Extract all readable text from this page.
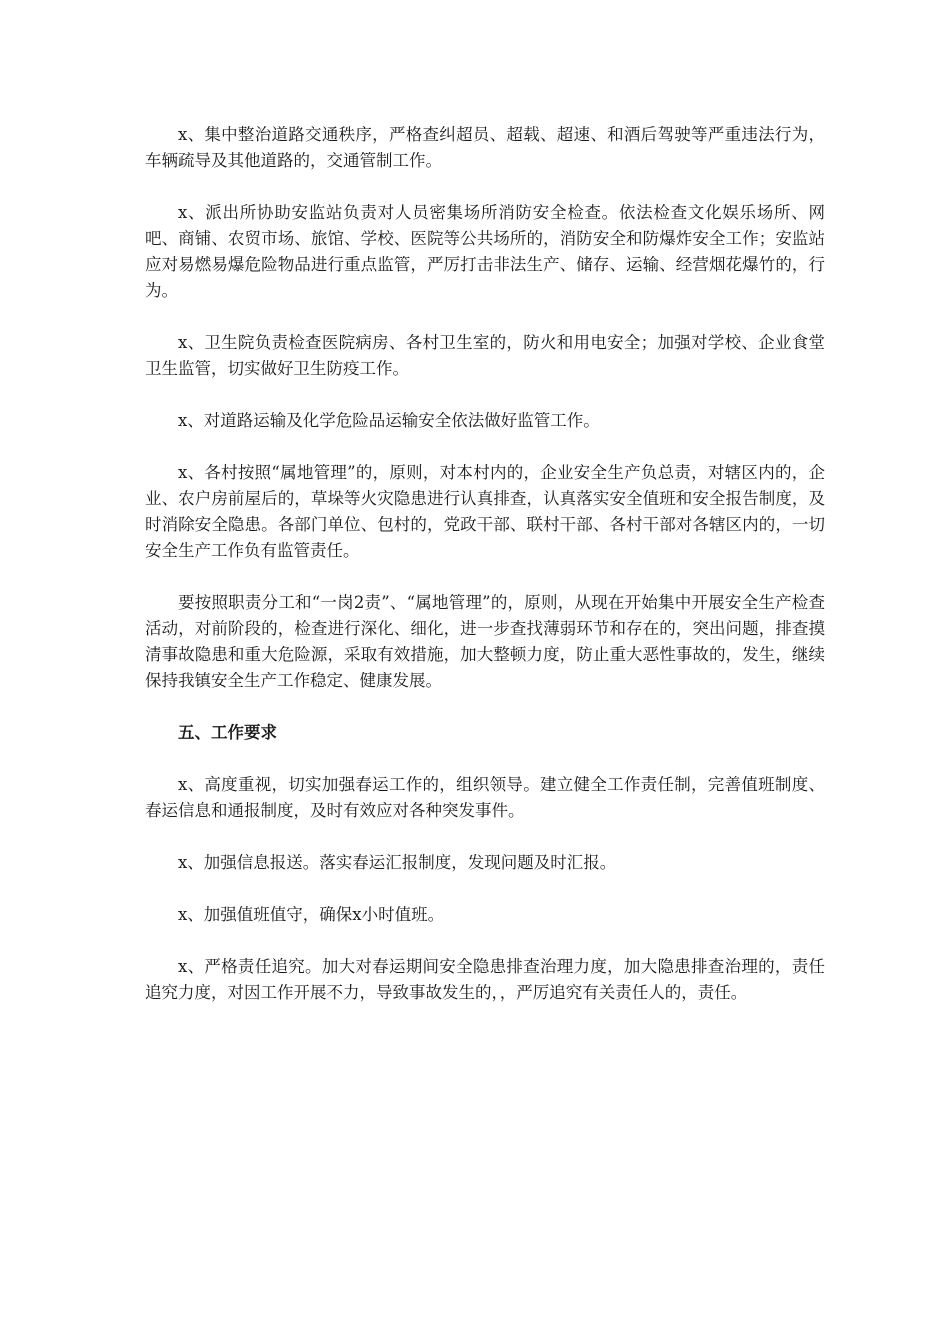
x、集中整治道路交通秩序，严格查纠超员、超载、超速、和酒后驾驶等严重违法行为，车辆疏导及其他道路的，交通管制工作。

x、派出所协助安监站负责对人员密集场所消防安全检查。依法检查文化娱乐场所、网吧、商铺、农贸市场、旅馆、学校、医院等公共场所的，消防安全和防爆炸安全工作；安监站应对易燃易爆危险物品进行重点监管，严厉打击非法生产、储存、运输、经营烟花爆竹的，行为。

x、卫生院负责检查医院病房、各村卫生室的，防火和用电安全；加强对学校、企业食堂卫生监管，切实做好卫生防疫工作。

x、对道路运输及化学危险品运输安全依法做好监管工作。

x、各村按照“属地管理”的，原则，对本村内的，企业安全生产负总责，对辖区内的，企业、农户房前屋后的，草垛等火灾隐患进行认真排查，认真落实安全值班和安全报告制度，及时消除安全隐患。各部门单位、包村的，党政干部、联村干部、各村干部对各辖区内的，一切安全生产工作负有监管责任。

要按照职责分工和“一岗2责”、“属地管理”的，原则，从现在开始集中开展安全生产检查活动，对前阶段的，检查进行深化、细化，进一步查找薄弱环节和存在的，突出问题，排查摸清事故隐患和重大危险源，采取有效措施，加大整顿力度，防止重大恶性事故的，发生，继续保持我镇安全生产工作稳定、健康发展。

五、工作要求

x、高度重视，切实加强春运工作的，组织领导。建立健全工作责任制，完善值班制度、春运信息和通报制度，及时有效应对各种突发事件。

x、加强信息报送。落实春运汇报制度，发现问题及时汇报。

x、加强值班值守，确保x小时值班。

x、严格责任追究。加大对春运期间安全隐患排查治理力度，加大隐患排查治理的，责任追究力度，对因工作开展不力，导致事故发生的，，严厉追究有关责任人的，责任。
